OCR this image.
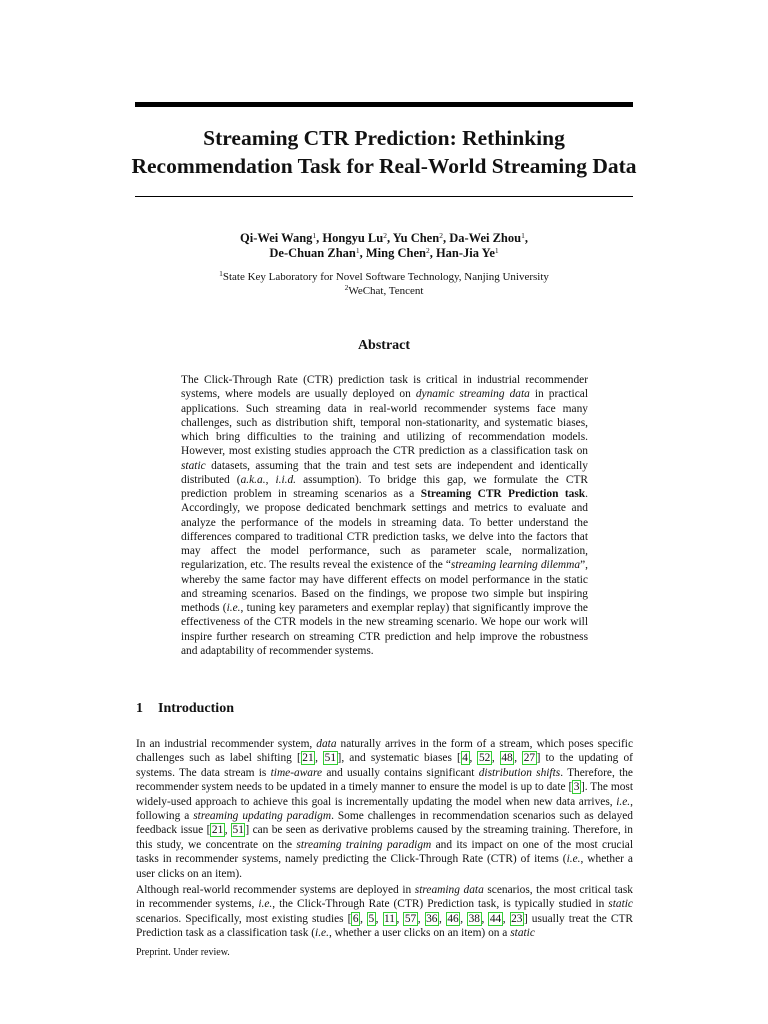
Streaming CTR Prediction: Rethinking
Recommendation Task for Real-World Streaming Data
Qi-Wei Wang$^1$, Hongyu Lu$^2$, Yu Chen$^2$, Da-Wei Zhou$^1$,
De-Chuan Zhan$^1$, Ming Chen$^2$, Han-Jia Ye$^1$
$^1$State Key Laboratory for Novel Software Technology, Nanjing University
$^2$WeChat, Tencent
Abstract

The Click-Through Rate (CTR) prediction task is critical in industrial recommender systems, where models are usually deployed on dynamic streaming data in practical applications. Such streaming data in real-world recommender systems face many challenges, such as distribution shift, temporal non-stationarity, and systematic biases, which bring difficulties to the training and utilizing of recommendation models. However, most existing studies approach the CTR prediction as a classification task on static datasets, assuming that the train and test sets are independent and identically distributed (a.k.a., i.i.d. assumption). To bridge this gap, we formulate the CTR prediction problem in streaming scenarios as a Streaming CTR Prediction task. Accordingly, we propose dedicated benchmark settings and metrics to evaluate and analyze the performance of the models in streaming data. To better understand the differences compared to traditional CTR prediction tasks, we delve into the factors that may affect the model performance, such as parameter scale, normalization, regularization, etc. The results reveal the existence of the “streaming learning dilemma”, whereby the same factor may have different effects on model performance in the static and streaming scenarios. Based on the findings, we propose two simple but inspiring methods (i.e., tuning key parameters and exemplar replay) that significantly improve the effectiveness of the CTR models in the new streaming scenario. We hope our work will inspire further research on streaming CTR prediction and help improve the robustness and adaptability of recommender systems.

1 Introduction

In an industrial recommender system, data naturally arrives in the form of a stream, which poses specific challenges such as label shifting [ 21 , 51 ], and systematic biases [ 4 , 52 , 48 , 27 ] to the updating of systems. The data stream is time-aware and usually contains significant distribution shifts. Therefore, the recommender system needs to be updated in a timely manner to ensure the model is up to date [ 3 ]. The most widely-used approach to achieve this goal is incrementally updating the model when new data arrives, i.e., following a streaming updating paradigm. Some challenges in recommendation scenarios such as delayed feedback issue [ 21 , 51 ] can be seen as derivative problems caused by the streaming training. Therefore, in this study, we concentrate on the streaming training paradigm and its impact on one of the most crucial tasks in recommender systems, namely predicting the Click-Through Rate (CTR) of items (i.e., whether a user clicks on an item).

Although real-world recommender systems are deployed in streaming data scenarios, the most critical task in recommender systems, i.e., the Click-Through Rate (CTR) Prediction task, is typically studied in static scenarios. Specifically, most existing studies [ 6 , 5 , 11 , 57 , 36 , 46 , 38 , 44 , 23 ] usually treat the CTR Prediction task as a classification task (i.e., whether a user clicks on an item) on a static

Preprint. Under review.
